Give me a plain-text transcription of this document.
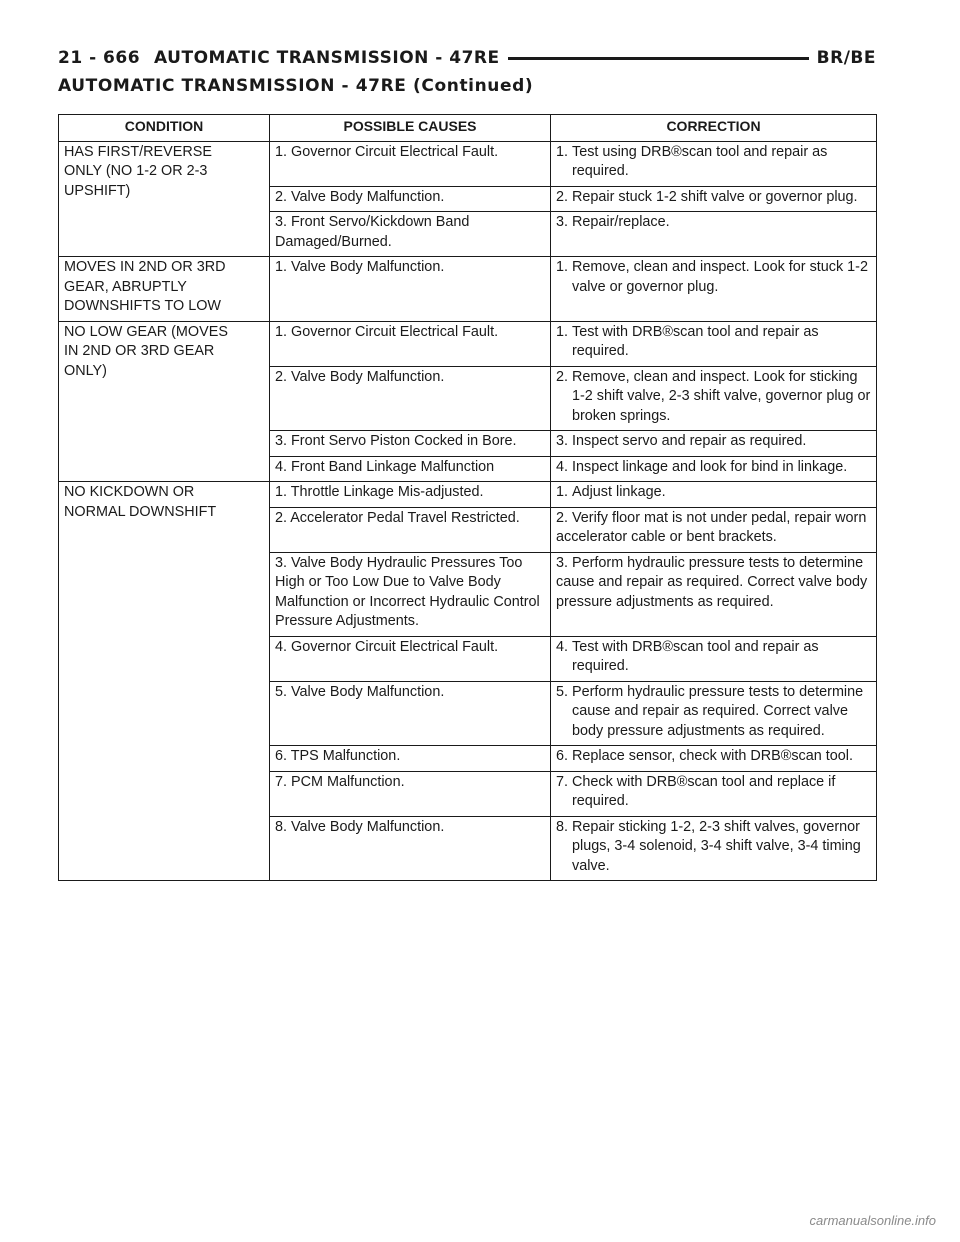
21 - 666 AUTOMATIC TRANSMISSION - 47RE	BR/BE
AUTOMATIC TRANSMISSION - 47RE (Continued)
CONDITION	POSSIBLE CAUSES	CORRECTION
HAS FIRST/REVERSE
ONLY (NO 1-2 OR 2-3
UPSHIFT)	1. Governor Circuit Electrical Fault.	1. Test using DRB®scan tool and repair as required.

	2. Valve Body Malfunction.	2. Repair stuck 1-2 shift valve or governor plug.

	3. Front Servo/Kickdown Band Damaged/Burned.	3. Repair/replace.

MOVES IN 2ND OR 3RD
GEAR, ABRUPTLY
DOWNSHIFTS TO LOW	1. Valve Body Malfunction.	1. Remove, clean and inspect. Look for stuck 1-2 valve or governor plug.

NO LOW GEAR (MOVES
IN 2ND OR 3RD GEAR
ONLY)	1. Governor Circuit Electrical Fault.	1. Test with DRB®scan tool and repair as required.

	2. Valve Body Malfunction.	2. Remove, clean and inspect. Look for sticking 1-2 shift valve, 2-3 shift valve, governor plug or broken springs.

	3. Front Servo Piston Cocked in Bore.	3. Inspect servo and repair as required.

	4. Front Band Linkage Malfunction	4. Inspect linkage and look for bind in linkage.

NO KICKDOWN OR
NORMAL DOWNSHIFT	1. Throttle Linkage Mis-adjusted.	1. Adjust linkage.

	2. Accelerator Pedal Travel Restricted.	2. Verify floor mat is not under pedal, repair worn accelerator cable or bent brackets.

	3. Valve Body Hydraulic Pressures Too High or Too Low Due to Valve Body Malfunction or Incorrect Hydraulic Control Pressure Adjustments.	3. Perform hydraulic pressure tests to determine cause and repair as required. Correct valve body pressure adjustments as required.

	4. Governor Circuit Electrical Fault.	4. Test with DRB®scan tool and repair as required.

	5. Valve Body Malfunction.	5. Perform hydraulic pressure tests to determine cause and repair as required. Correct valve body pressure adjustments as required.

	6. TPS Malfunction.	6. Replace sensor, check with DRB®scan tool.

	7. PCM Malfunction.	7. Check with DRB®scan tool and replace if required.

	8. Valve Body Malfunction.	8. Repair sticking 1-2, 2-3 shift valves, governor plugs, 3-4 solenoid, 3-4 shift valve, 3-4 timing valve.
carmanualsonline.info
